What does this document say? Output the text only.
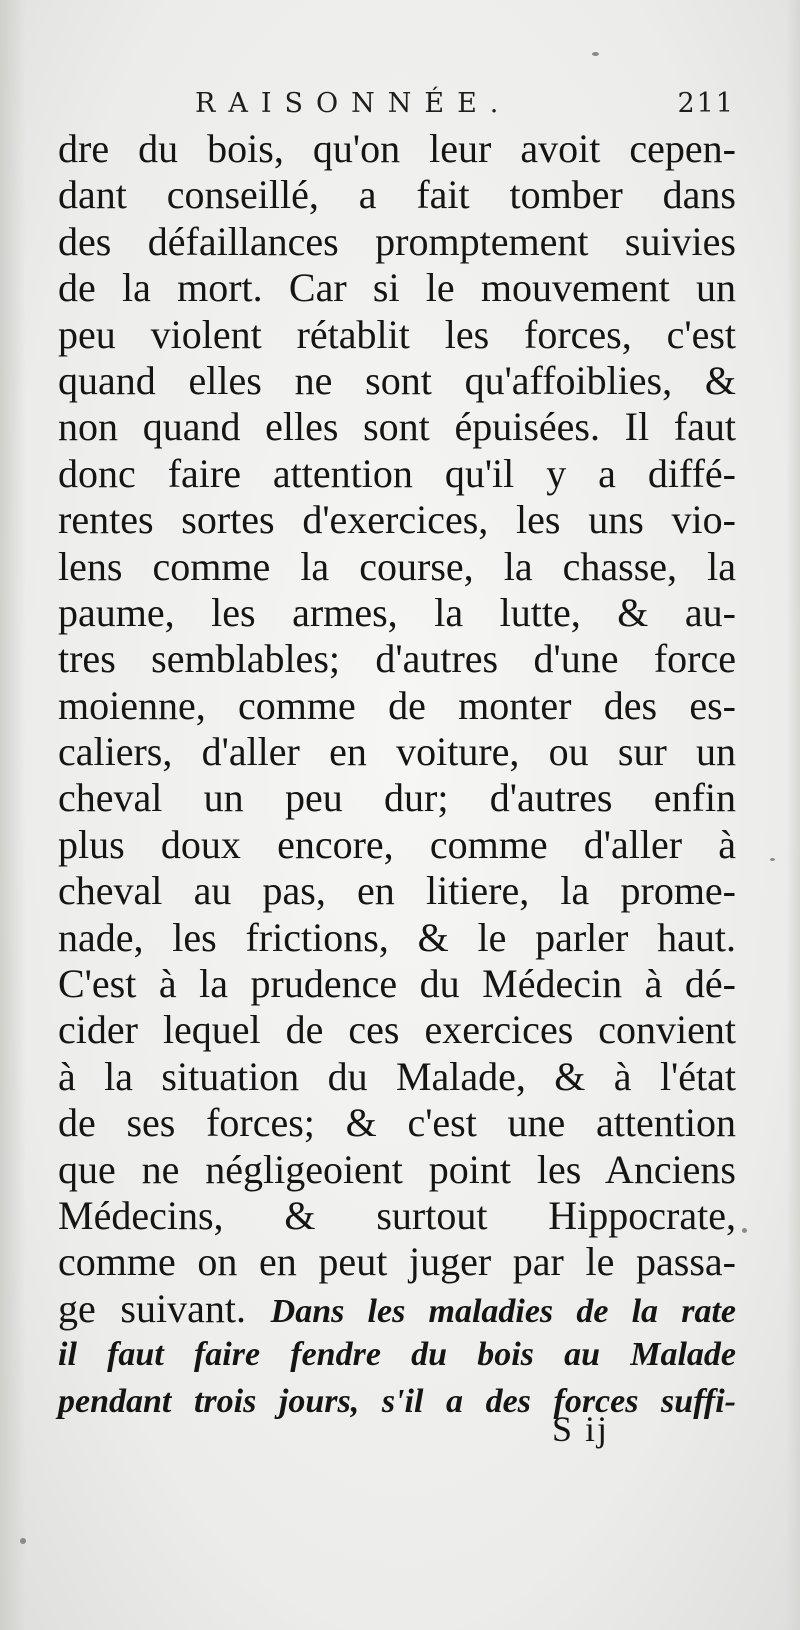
RAISONNÉE.	211
dre du bois, qu'on leur avoit cepen-
dant conseillé, a fait tomber dans
des défaillances promptement suivies
de la mort. Car si le mouvement un
peu violent rétablit les forces, c'est
quand elles ne sont qu'affoiblies, &
non quand elles sont épuisées. Il faut
donc faire attention qu'il y a diffé-
rentes sortes d'exercices, les uns vio-
lens comme la course, la chasse, la
paume, les armes, la lutte, & au-
tres semblables; d'autres d'une force
moienne, comme de monter des es-
caliers, d'aller en voiture, ou sur un
cheval un peu dur; d'autres enfin
plus doux encore, comme d'aller à
cheval au pas, en litiere, la prome-
nade, les frictions, & le parler haut.
C'est à la prudence du Médecin à dé-
cider lequel de ces exercices convient
à la situation du Malade, & à l'état
de ses forces; & c'est une attention
que ne négligeoient point les Anciens
Médecins, & surtout Hippocrate,
comme on en peut juger par le passa-
ge suivant. Dans les maladies de la rate
il faut faire fendre du bois au Malade
pendant trois jours, s'il a des forces suffi-
S ij
